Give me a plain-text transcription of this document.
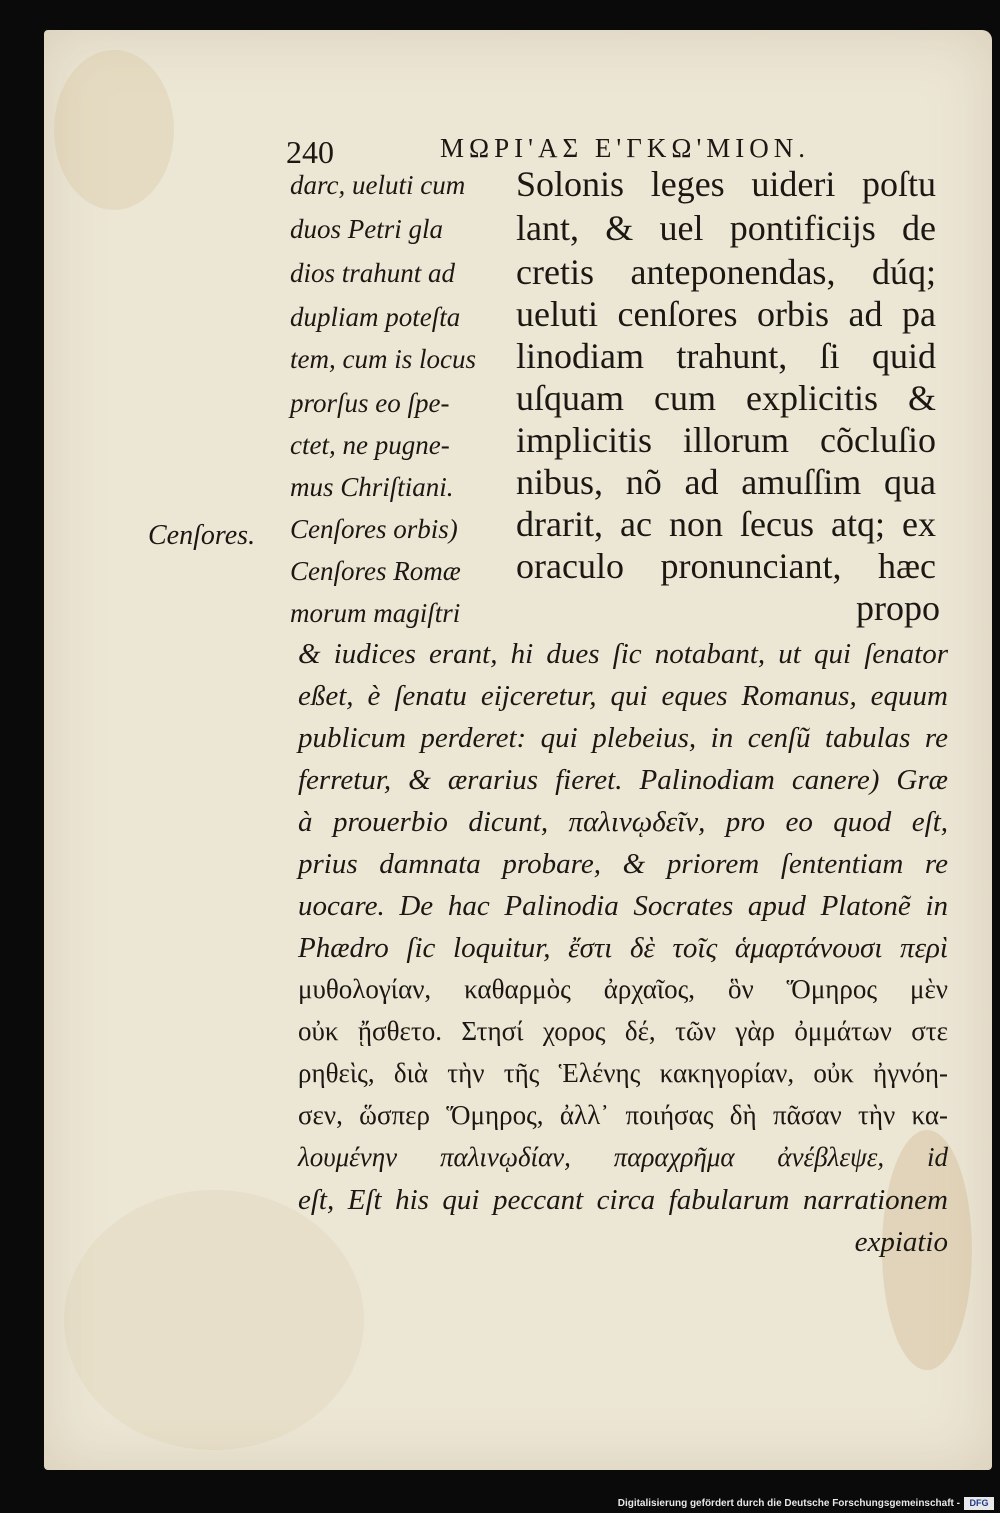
240	ΜΩΡΙ'ΑΣ Ε'ΓΚΩ'ΜΙΟΝ.
Cenſores.
darc, ueluti cum
duos Petri gla
dios trahunt ad
dupliam poteſta
tem, cum is locus
prorſus eo ſpe-
ctet, ne pugne-
mus Chriſtiani.
Cenſores orbis)
Cenſores Romæ
morum magiſtri
Solonis leges uideri poſtu
lant, & uel pontificijs de
cretis anteponendas, dúq;
ueluti cenſores orbis ad pa
linodiam trahunt, ſi quid
uſquam cum explicitis &
implicitis illorum cõcluſio
nibus, nõ ad amuſſim qua
drarit, ac non ſecus atq; ex
oraculo pronunciant, hæc
propo
& iudices erant, hi dues ſic notabant, ut qui ſenator
eßet, è ſenatu eijceretur, qui eques Romanus, equum
publicum perderet: qui plebeius, in cenſũ tabulas re
ferretur, & ærarius fieret. Palinodiam canere) Græ
à prouerbio dicunt, παλινῳδεῖν, pro eo quod eſt,
prius damnata probare, & priorem ſententiam re
uocare. De hac Palinodia Socrates apud Platonẽ in
Phædro ſic loquitur, ἔστι δὲ τοῖς ἁμαρτάνουσι περὶ
μυθολογίαν, καθαρμὸς ἀρχαῖος, ὃν Ὅμηρος μὲν
οὐκ ᾔσθετο. Στησί χορος δέ, τῶν γὰρ ὀμμάτων στε
ρηθεὶς, διὰ τὴν τῆς Ἑλένης κακηγορίαν, οὐκ ἠγνόη-
σεν, ὥσπερ Ὅμηρος, ἀλλ᾽ ποιήσας δὴ πᾶσαν τὴν κα-
λουμένην παλινῳδίαν, παραχρῆμα ἀνέβλεψε, id
eſt, Eſt his qui peccant circa fabularum narrationem
expiatio
Digitalisierung gefördert durch die Deutsche Forschungsgemeinschaft -	DFG
